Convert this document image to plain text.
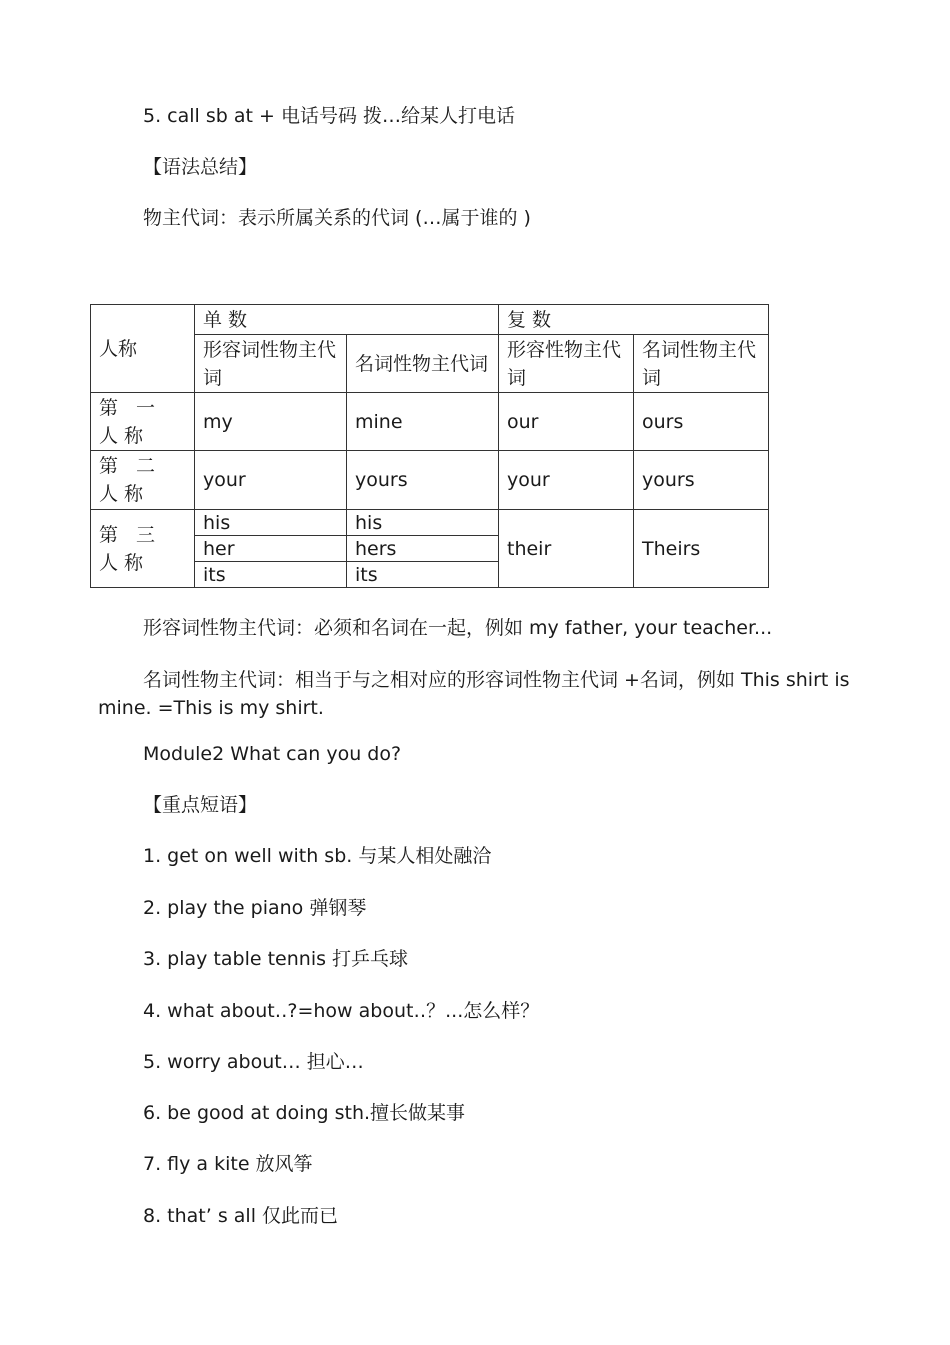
5. call sb at + 电话号码 拨…给某人打电话
【语法总结】
物主代词：表示所属关系的代词 (…属于谁的 )
人称	单 数		复 数	
	形容词性物主代词	名词性物主代词	形容性物主代词	名词性物主代词
第 一 人称	my	mine	our	ours
第 二 人称	your	yours	your	yours
第 三 人称	his	his	their	Theirs
	her	hers		
	its	its		
形容词性物主代词：必须和名词在一起，例如 my father, your teacher...
名词性物主代词：相当于与之相对应的形容词性物主代词 +名词，例如 This shirt is mine. =This is my shirt.
Module2 What can you do?
【重点短语】
1. get on well with sb. 与某人相处融洽
2. play the piano 弹钢琴
3. play table tennis 打乒乓球
4. what about‥?=how about‥？...怎么样？
5. worry about… 担心…
6. be good at doing sth.擅长做某事
7. fly a kite 放风筝
8. that’ s all 仅此而已
